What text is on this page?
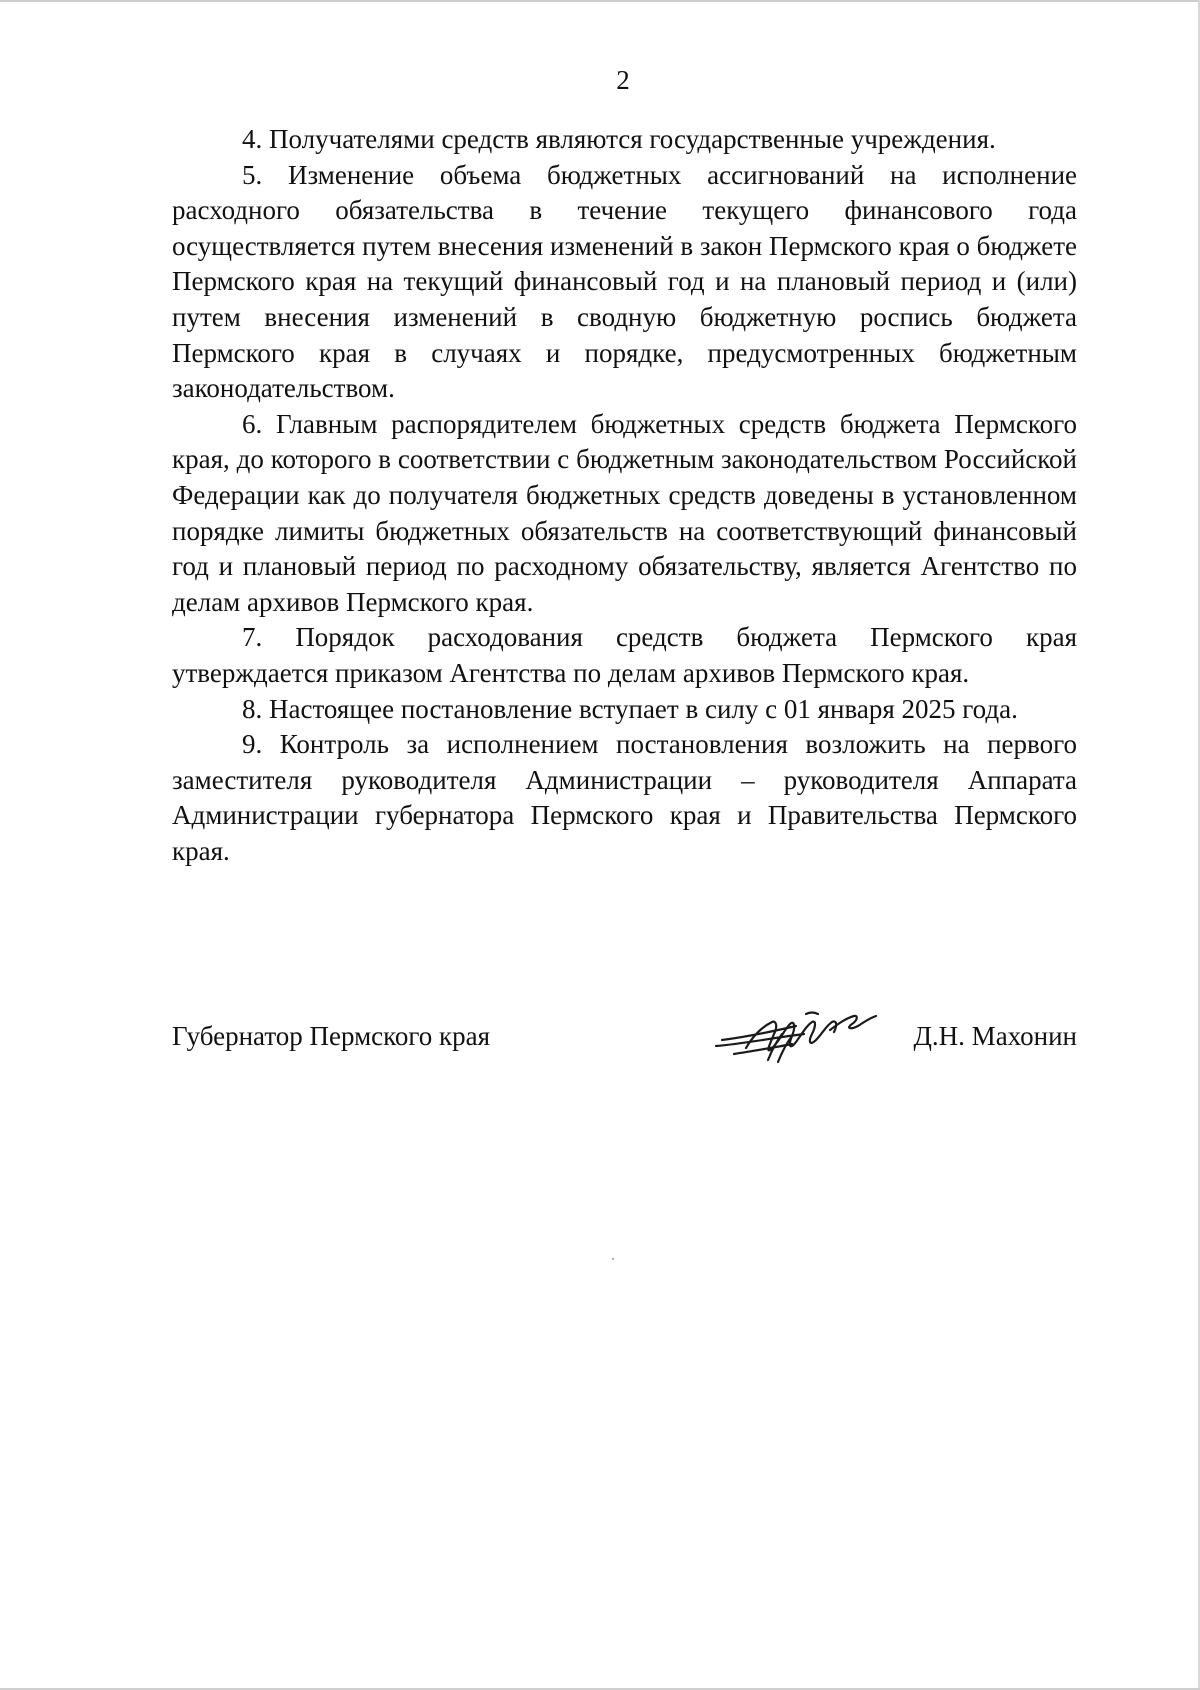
2

4. Получателями средств являются государственные учреждения.

5. Изменение объема бюджетных ассигнований на исполнение расходного обязательства в течение текущего финансового года осуществляется путем внесения изменений в закон Пермского края о бюджете Пермского края на текущий финансовый год и на плановый период и (или) путем внесения изменений в сводную бюджетную роспись бюджета Пермского края в случаях и порядке, предусмотренных бюджетным законодательством.

6. Главным распорядителем бюджетных средств бюджета Пермского края, до которого в соответствии с бюджетным законодательством Российской Федерации как до получателя бюджетных средств доведены в установленном порядке лимиты бюджетных обязательств на соответствующий финансовый год и плановый период по расходному обязательству, является Агентство по делам архивов Пермского края.

7. Порядок расходования средств бюджета Пермского края утверждается приказом Агентства по делам архивов Пермского края.

8. Настоящее постановление вступает в силу с 01 января 2025 года.

9. Контроль за исполнением постановления возложить на первого заместителя руководителя Администрации – руководителя Аппарата Администрации губернатора Пермского края и Правительства Пермского края.

Губернатор Пермского края	Д.Н. Махонин
